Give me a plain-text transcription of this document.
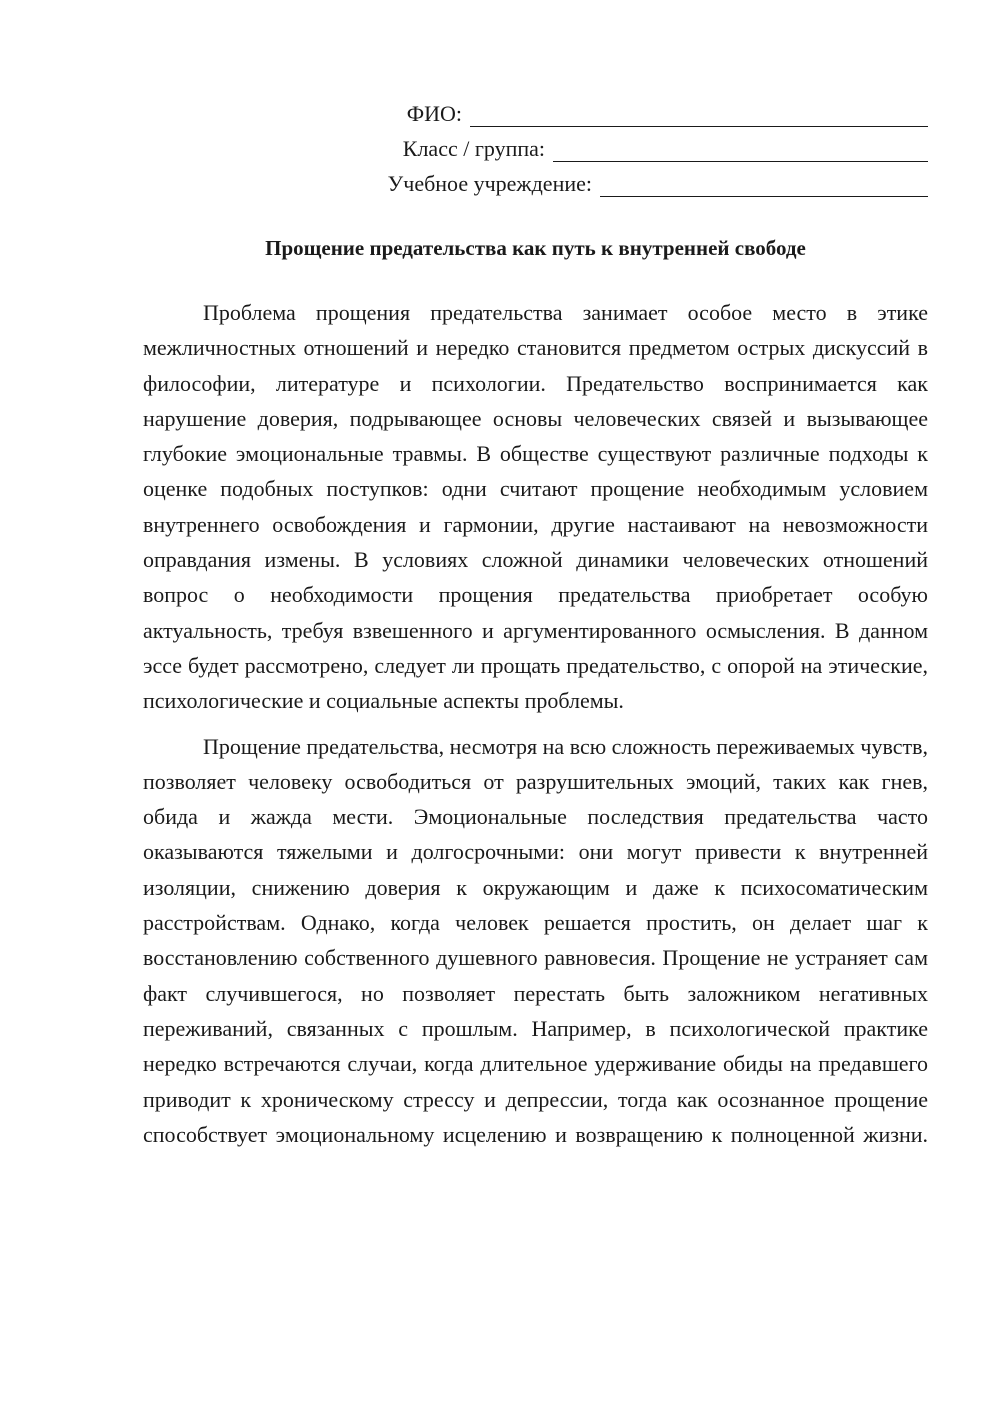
ФИО:
Класс / группа:
Учебное учреждение:
Прощение предательства как путь к внутренней свободе

Проблема прощения предательства занимает особое место в этике межличностных отношений и нередко становится предметом острых дискуссий в философии, литературе и психологии. Предательство воспринимается как нарушение доверия, подрывающее основы человеческих связей и вызывающее глубокие эмоциональные травмы. В обществе существуют различные подходы к оценке подобных поступков: одни считают прощение необходимым условием внутреннего освобождения и гармонии, другие настаивают на невозможности оправдания измены. В условиях сложной динамики человеческих отношений вопрос о необходимости прощения предательства приобретает особую актуальность, требуя взвешенного и аргументированного осмысления. В данном эссе будет рассмотрено, следует ли прощать предательство, с опорой на этические, психологические и социальные аспекты проблемы.

Прощение предательства, несмотря на всю сложность переживаемых чувств, позволяет человеку освободиться от разрушительных эмоций, таких как гнев, обида и жажда мести. Эмоциональные последствия предательства часто оказываются тяжелыми и долгосрочными: они могут привести к внутренней изоляции, снижению доверия к окружающим и даже к психосоматическим расстройствам. Однако, когда человек решается простить, он делает шаг к восстановлению собственного душевного равновесия. Прощение не устраняет сам факт случившегося, но позволяет перестать быть заложником негативных переживаний, связанных с прошлым. Например, в психологической практике нередко встречаются случаи, когда длительное удерживание обиды на предавшего приводит к хроническому стрессу и депрессии, тогда как осознанное прощение способствует эмоциональному исцелению и возвращению к полноценной жизни.
